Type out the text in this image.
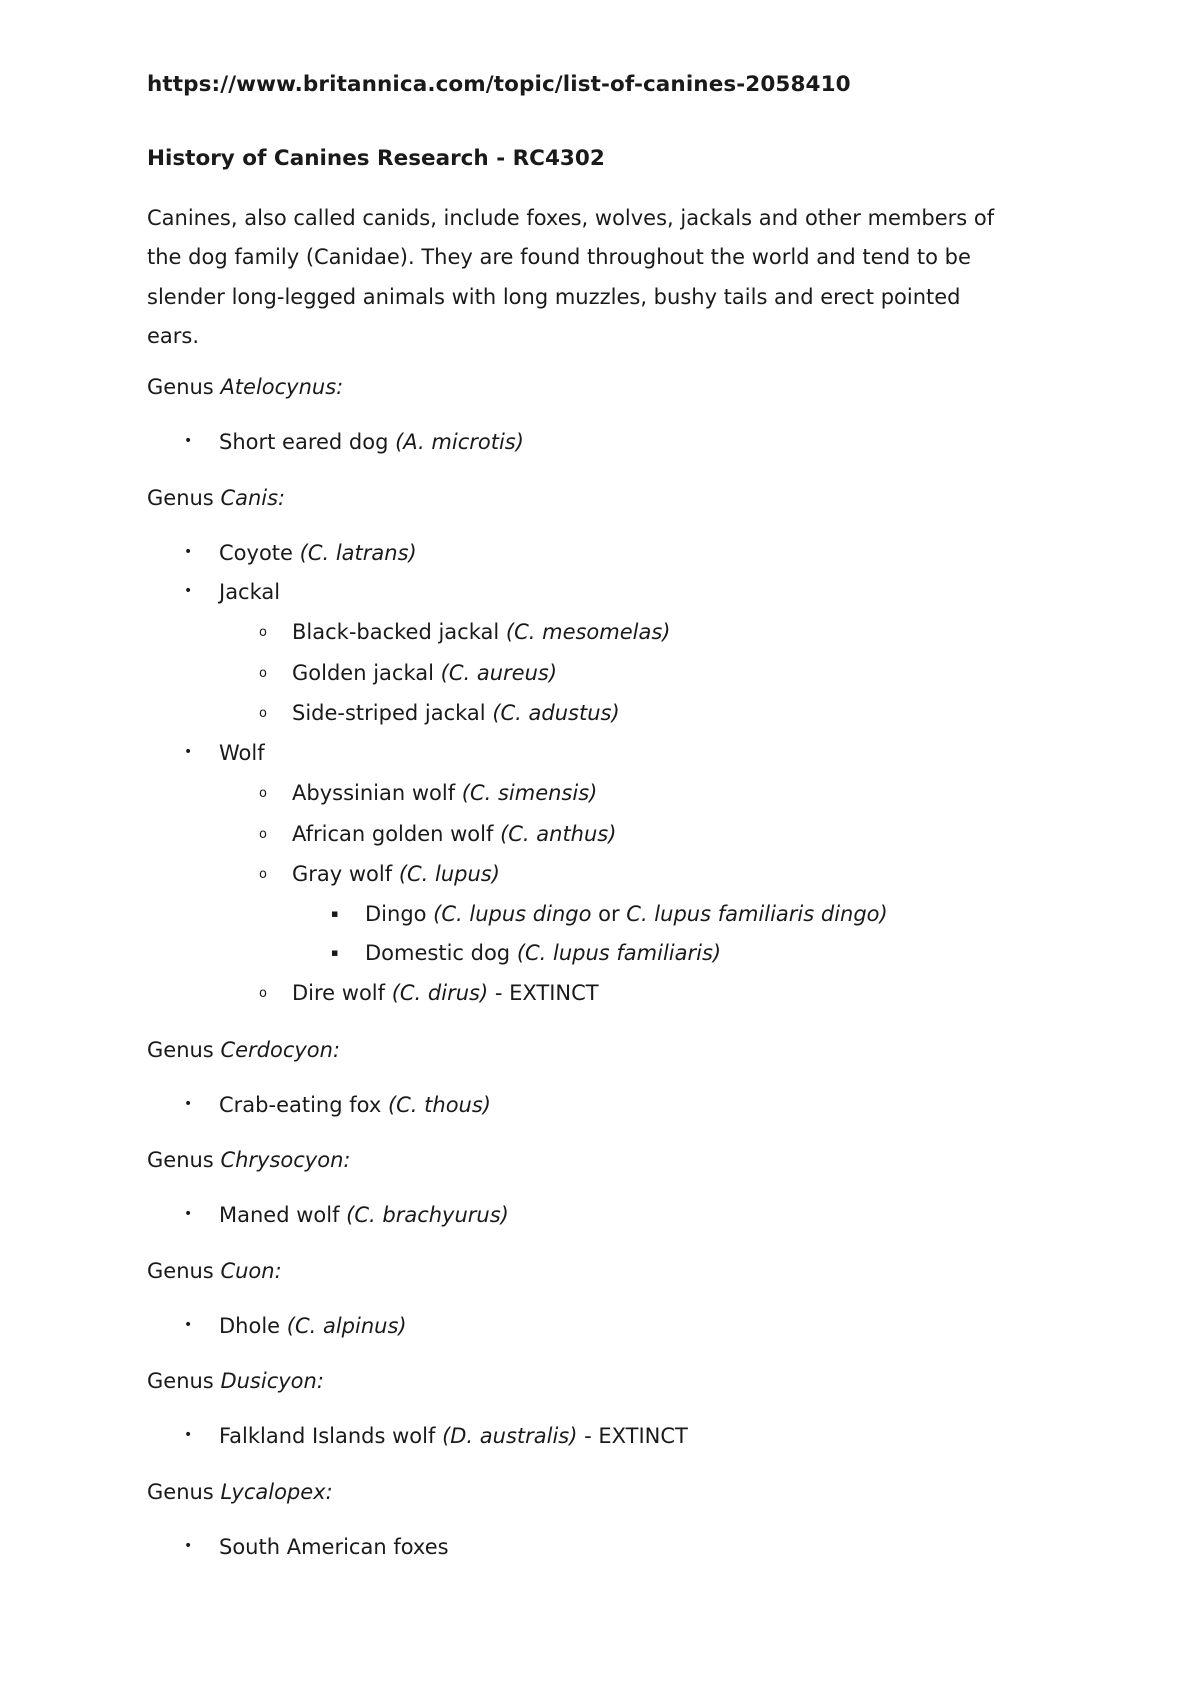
https://www.britannica.com/topic/list-of-canines-2058410
History of Canines Research - RC4302

Canines, also called canids, include foxes, wolves, jackals and other members of

the dog family (Canidae). They are found throughout the world and tend to be

slender long-legged animals with long muzzles, bushy tails and erect pointed

ears.

Genus Atelocynus:
• Short eared dog (A. microtis)
Genus Canis:
• Coyote (C. latrans)
• Jackal
o Black-backed jackal (C. mesomelas)
o Golden jackal (C. aureus)
o Side-striped jackal (C. adustus)
• Wolf
o Abyssinian wolf (C. simensis)
o African golden wolf (C. anthus)
o Gray wolf (C. lupus)
▪ Dingo (C. lupus dingo or C. lupus familiaris dingo)
▪ Domestic dog (C. lupus familiaris)
o Dire wolf (C. dirus) - EXTINCT
Genus Cerdocyon:
• Crab-eating fox (C. thous)
Genus Chrysocyon:
• Maned wolf (C. brachyurus)
Genus Cuon:
• Dhole (C. alpinus)
Genus Dusicyon:
• Falkland Islands wolf (D. australis) - EXTINCT
Genus Lycalopex:
• South American foxes
